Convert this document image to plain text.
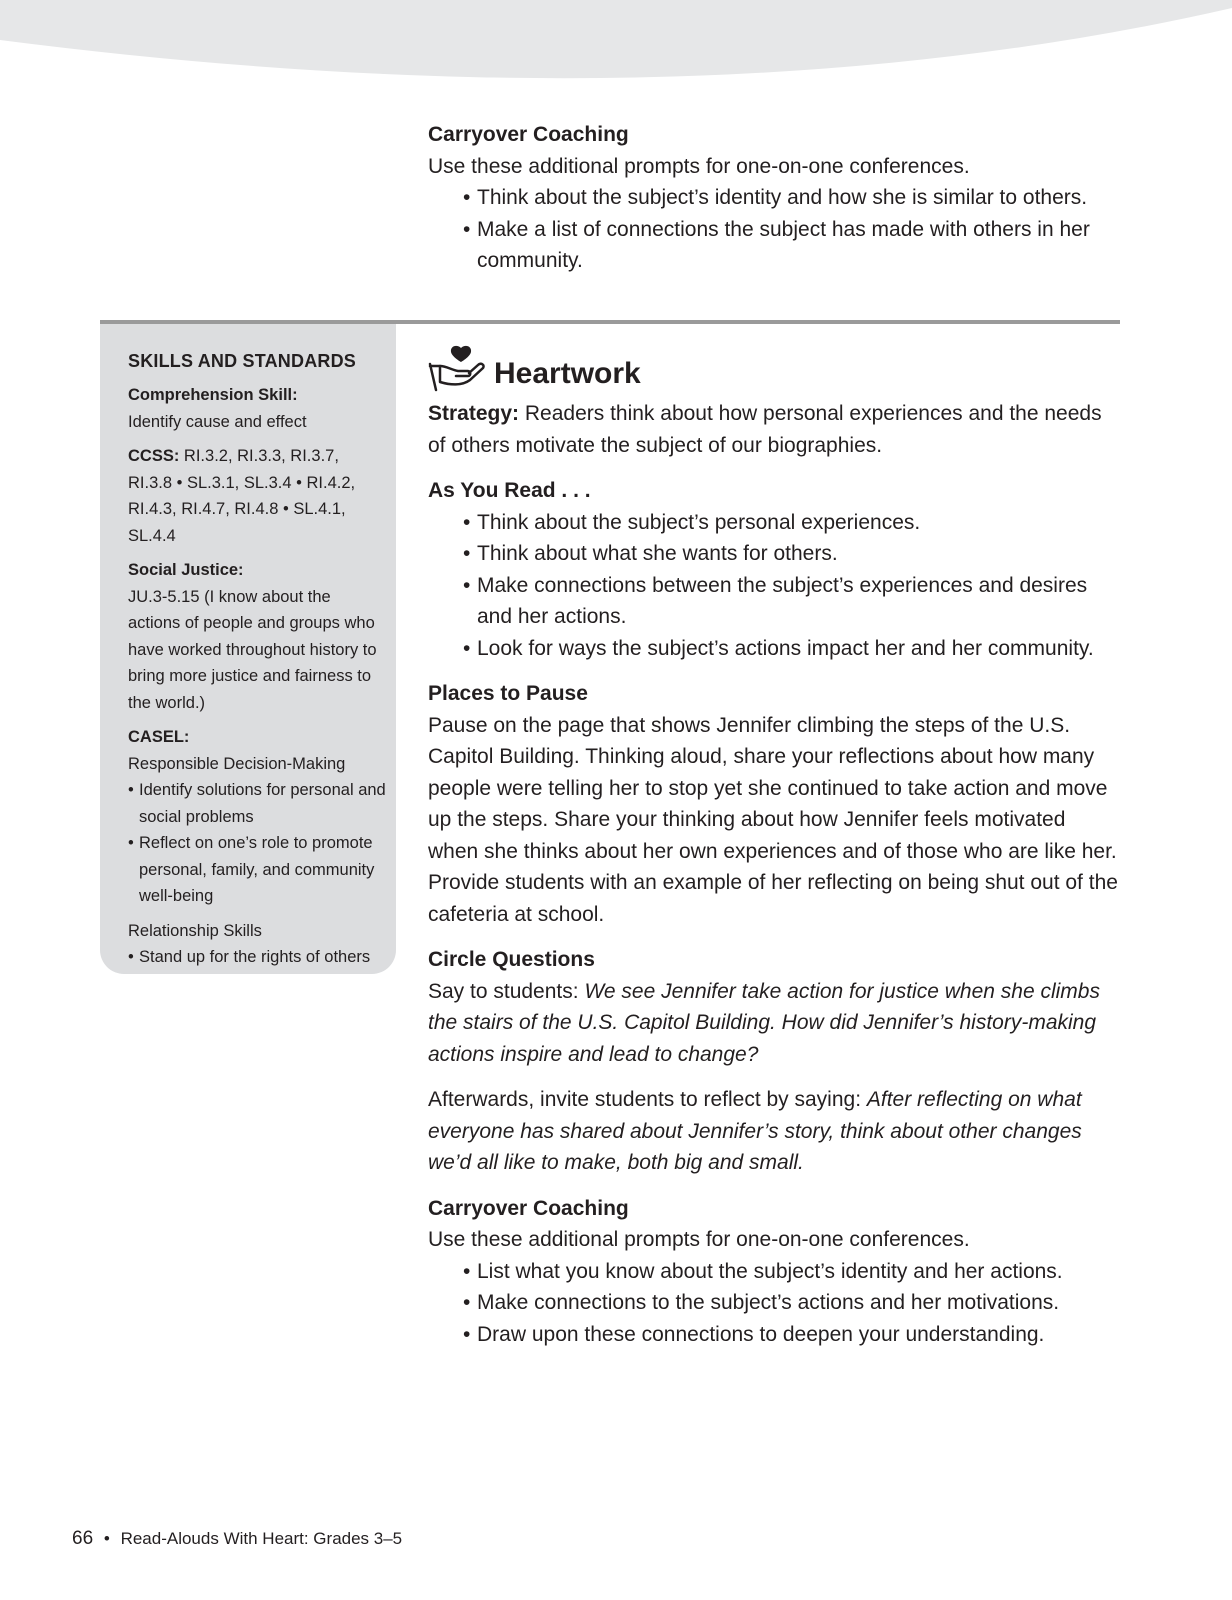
Carryover Coaching
Use these additional prompts for one-on-one conferences.
• Think about the subject’s identity and how she is similar to others.
• Make a list of connections the subject has made with others in her community.
SKILLS AND STANDARDS
Comprehension Skill:
Identify cause and effect
CCSS: RI.3.2, RI.3.3, RI.3.7, RI.3.8 • SL.3.1, SL.3.4 • RI.4.2, RI.4.3, RI.4.7, RI.4.8 • SL.4.1, SL.4.4
Social Justice:
JU.3-5.15 (I know about the actions of people and groups who have worked throughout history to bring more justice and fairness to the world.)
CASEL:
Responsible Decision-Making
• Identify solutions for personal and social problems
• Reflect on one’s role to promote personal, family, and community well-being
Relationship Skills
• Stand up for the rights of others
Heartwork
Strategy: Readers think about how personal experiences and the needs of others motivate the subject of our biographies.
As You Read . . .
• Think about the subject’s personal experiences.
• Think about what she wants for others.
• Make connections between the subject’s experiences and desires and her actions.
• Look for ways the subject’s actions impact her and her community.
Places to Pause
Pause on the page that shows Jennifer climbing the steps of the U.S. Capitol Building. Thinking aloud, share your reflections about how many people were telling her to stop yet she continued to take action and move up the steps. Share your thinking about how Jennifer feels motivated when she thinks about her own experiences and of those who are like her. Provide students with an example of her reflecting on being shut out of the cafeteria at school.
Circle Questions
Say to students: We see Jennifer take action for justice when she climbs the stairs of the U.S. Capitol Building. How did Jennifer’s history-making actions inspire and lead to change?
Afterwards, invite students to reflect by saying: After reflecting on what everyone has shared about Jennifer’s story, think about other changes we’d all like to make, both big and small.
Carryover Coaching
Use these additional prompts for one-on-one conferences.
• List what you know about the subject’s identity and her actions.
• Make connections to the subject’s actions and her motivations.
• Draw upon these connections to deepen your understanding.
66 • Read-Alouds With Heart: Grades 3–5
